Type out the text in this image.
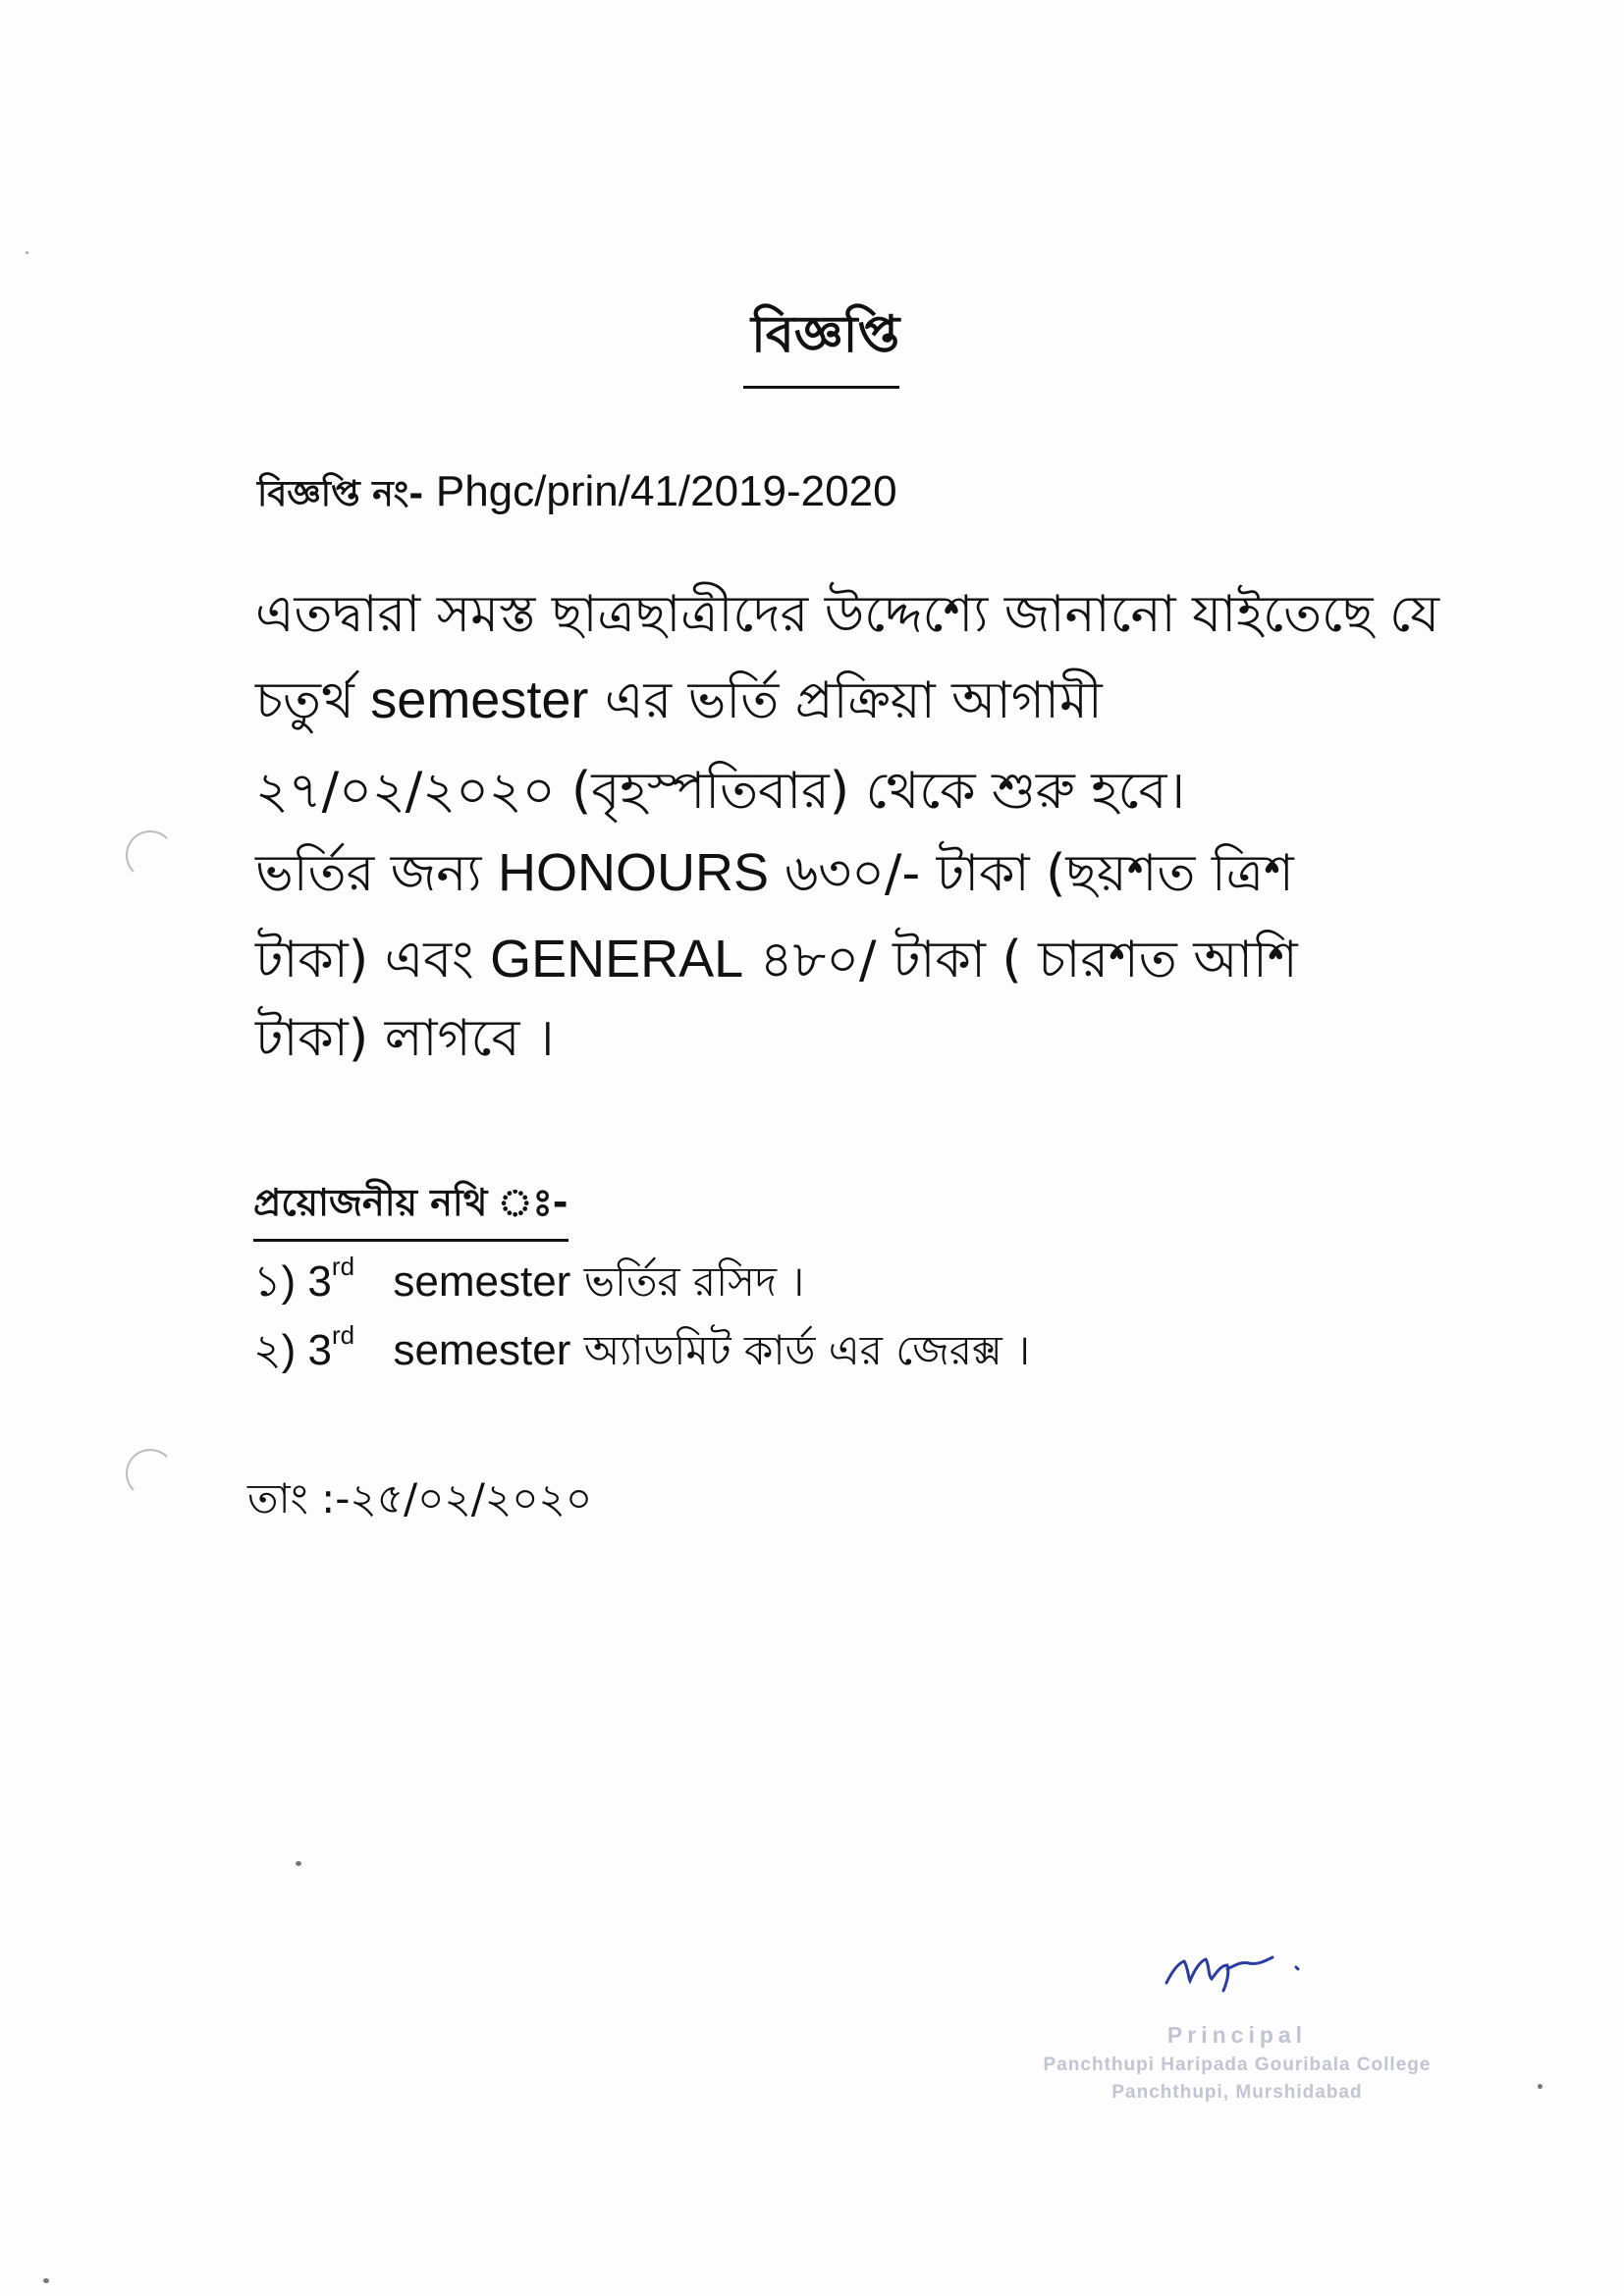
বিজ্ঞপ্তি
বিজ্ঞপ্তি নং- Phgc/prin/41/2019-2020
এতদ্বারা সমস্ত ছাত্রছাত্রীদের উদ্দেশ্যে জানানো যাইতেছে যে
চতুর্থ semester এর ভর্তি প্রক্রিয়া আগামী
২৭/০২/২০২০ (বৃহস্পতিবার) থেকে শুরু হবে।
ভর্তির জন্য HONOURS ৬৩০/- টাকা (ছয়শত ত্রিশ
টাকা) এবং GENERAL ৪৮০/ টাকা ( চারশত আশি
টাকা) লাগবে ।
প্রয়োজনীয় নথি ঃ-
১) 3rd semester ভর্তির রসিদ ।
২) 3rd semester অ্যাডমিট কার্ড এর জেরক্স ।
তাং :-২৫/০২/২০২০
Principal
Panchthupi Haripada Gouribala College
Panchthupi, Murshidabad
